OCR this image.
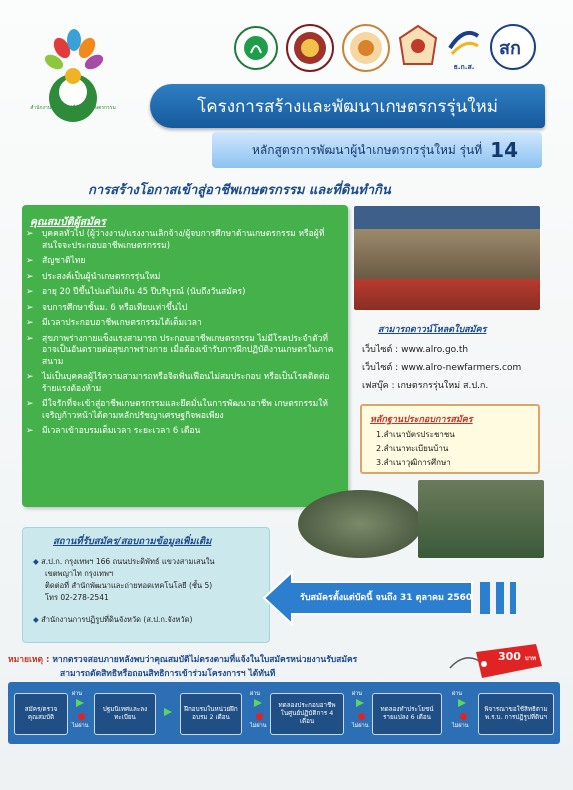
สำนักงานการปฏิรูปที่ดินเพื่อเกษตรกรรม
ธ.ก.ส.
สก
โครงการสร้างและพัฒนาเกษตรกรรุ่นใหม่
หลักสูตรการพัฒนาผู้นำเกษตรกรรุ่นใหม่ รุ่นที่ 14
การสร้างโอกาสเข้าสู่อาชีพเกษตรกรรม และที่ดินทำกิน
คุณสมบัติผู้สมัคร
➢ บุคคลทั่วไป (ผู้ว่างงาน/แรงงานเลิกจ้าง/ผู้จบการศึกษาด้านเกษตรกรรม หรือผู้ที่สนใจจะประกอบอาชีพเกษตรกรรม)
➢ สัญชาติไทย
➢ ประสงค์เป็นผู้นำเกษตรกรรุ่นใหม่
➢ อายุ 20 ปีขึ้นไปแต่ไม่เกิน 45 ปีบริบูรณ์ (นับถึงวันสมัคร)
➢ จบการศึกษาชั้นม. 6 หรือเทียบเท่าขึ้นไป
➢ มีเวลาประกอบอาชีพเกษตรกรรมได้เต็มเวลา
➢ สุขภาพร่างกายแข็งแรงสามารถ ประกอบอาชีพเกษตรกรรม ไม่มีโรคประจำตัวที่อาจเป็นอันตรายต่อสุขภาพร่างกาย เมื่อต้องเข้ารับการฝึกปฏิบัติงานเกษตรในภาคสนาม
➢ ไม่เป็นบุคคลผู้ไร้ความสามารถหรือจิตฟั่นเฟือนไม่สมประกอบ หรือเป็นโรคติดต่อ ร้ายแรงต้องห้าม
➢ มีใจรักที่จะเข้าสู่อาชีพเกษตรกรรมและยึดมั่นในการพัฒนาอาชีพ เกษตรกรรมให้เจริญก้าวหน้าได้ตามหลักปรัชญาเศรษฐกิจพอเพียง
➢ มีเวลาเข้าอบรมเต็มเวลา ระยะเวลา 6 เดือน
สามารถดาวน์โหลดใบสมัคร
เว็บไซต์ : www.alro.go.th
เว็บไซต์ : www.alro-newfarmers.com
เฟสบุ๊ค : เกษตรกรรุ่นใหม่ ส.ป.ก.
หลักฐานประกอบการสมัคร
1.สำเนาบัตรประชาชน
2.สำเนาทะเบียนบ้าน
3.สำเนาวุฒิการศึกษา
สถานที่รับสมัคร/สอบถามข้อมูลเพิ่มเติม
◆ ส.ป.ก. กรุงเทพฯ 166 ถนนประดิพัทธ์ แขวงสามเสนใน
เขตพญาไท กรุงเทพฯ
ติดต่อที่ สำนักพัฒนาและถ่ายทอดเทคโนโลยี (ชั้น 5)
โทร 02-278-2541
◆ สำนักงานการปฏิรูปที่ดินจังหวัด (ส.ป.ก.จังหวัด)
รับสมัครตั้งแต่บัดนี้ จนถึง 31 ตุลาคม 2560
หมายเหตุ : หากตรวจสอบภายหลังพบว่าคุณสมบัติไม่ตรงตามที่แจ้งในใบสมัครหน่วยงานรับสมัคร
สามารถตัดสิทธิหรือถอนสิทธิการเข้าร่วมโครงการฯ ได้ทันที
300 บาท
สมัคร/ตรวจคุณสมบัติ
ปฐมนิเทศและลงทะเบียน
ฝึกอบรมในหน่วยฝึกอบรม 2 เดือน
ทดลองประกอบอาชีพ ในศูนย์ปฏิบัติการ 4 เดือน
ทดลองทำประโยชน์ รายแปลง 6 เดือน
พิจารณาขอใช้สิทธิตาม พ.ร.บ. การปฏิรูปที่ดินฯ
ผ่าน
ไม่ผ่าน
ผ่าน
ไม่ผ่าน
ผ่าน
ไม่ผ่าน
ผ่าน
ไม่ผ่าน
